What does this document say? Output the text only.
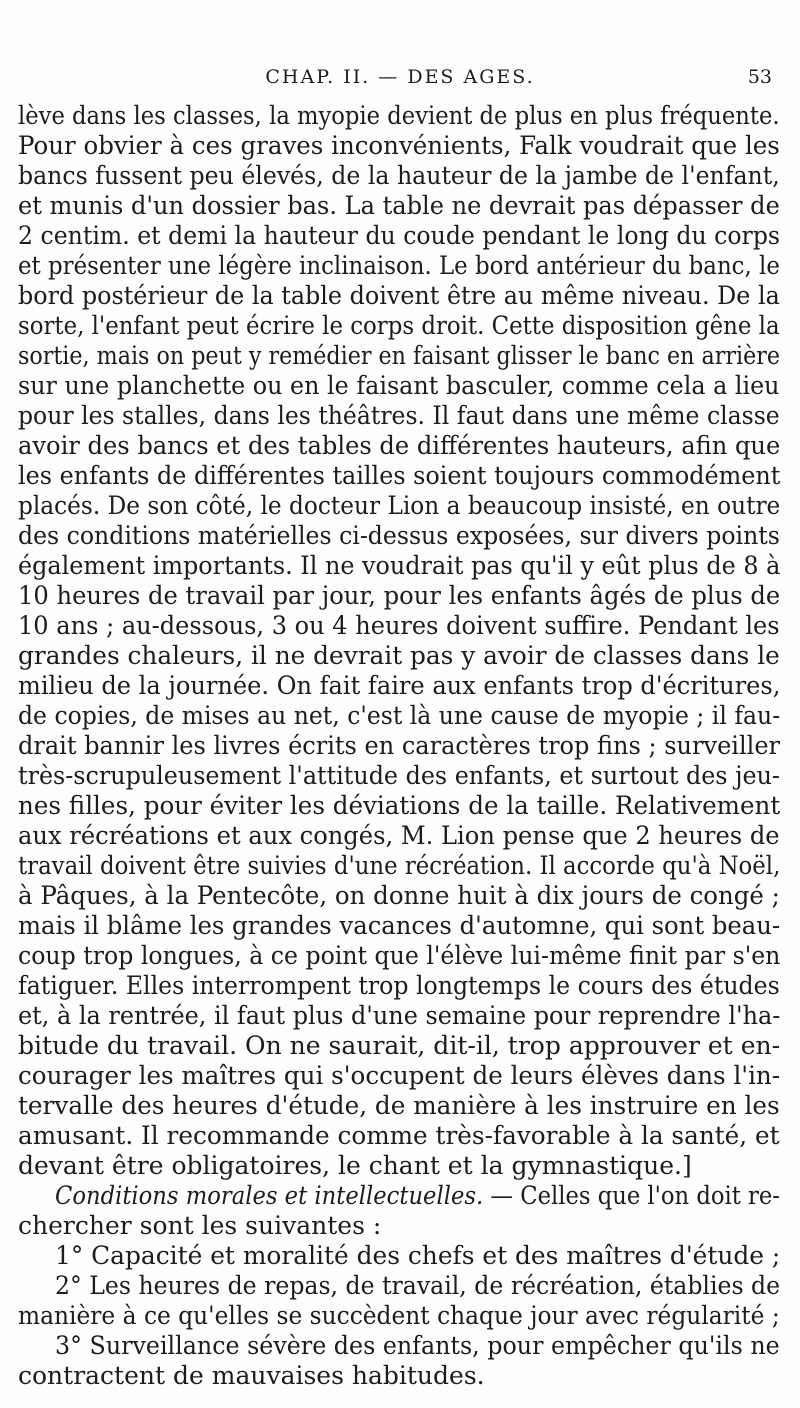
CHAP. II. — DES AGES.	53
lève dans les classes, la myopie devient de plus en plus fréquente.
Pour obvier à ces graves inconvénients, Falk voudrait que les
bancs fussent peu élevés, de la hauteur de la jambe de l'enfant,
et munis d'un dossier bas. La table ne devrait pas dépasser de
2 centim. et demi la hauteur du coude pendant le long du corps
et présenter une légère inclinaison. Le bord antérieur du banc, le
bord postérieur de la table doivent être au même niveau. De la
sorte, l'enfant peut écrire le corps droit. Cette disposition gêne la
sortie, mais on peut y remédier en faisant glisser le banc en arrière
sur une planchette ou en le faisant basculer, comme cela a lieu
pour les stalles, dans les théâtres. Il faut dans une même classe
avoir des bancs et des tables de différentes hauteurs, afin que
les enfants de différentes tailles soient toujours commodément
placés. De son côté, le docteur Lion a beaucoup insisté, en outre
des conditions matérielles ci-dessus exposées, sur divers points
également importants. Il ne voudrait pas qu'il y eût plus de 8 à
10 heures de travail par jour, pour les enfants âgés de plus de
10 ans ; au-dessous, 3 ou 4 heures doivent suffire. Pendant les
grandes chaleurs, il ne devrait pas y avoir de classes dans le
milieu de la journée. On fait faire aux enfants trop d'écritures,
de copies, de mises au net, c'est là une cause de myopie ; il fau-
drait bannir les livres écrits en caractères trop fins ; surveiller
très-scrupuleusement l'attitude des enfants, et surtout des jeu-
nes filles, pour éviter les déviations de la taille. Relativement
aux récréations et aux congés, M. Lion pense que 2 heures de
travail doivent être suivies d'une récréation. Il accorde qu'à Noël,
à Pâques, à la Pentecôte, on donne huit à dix jours de congé ;
mais il blâme les grandes vacances d'automne, qui sont beau-
coup trop longues, à ce point que l'élève lui-même finit par s'en
fatiguer. Elles interrompent trop longtemps le cours des études
et, à la rentrée, il faut plus d'une semaine pour reprendre l'ha-
bitude du travail. On ne saurait, dit-il, trop approuver et en-
courager les maîtres qui s'occupent de leurs élèves dans l'in-
tervalle des heures d'étude, de manière à les instruire en les
amusant. Il recommande comme très-favorable à la santé, et
devant être obligatoires, le chant et la gymnastique.]
Conditions morales et intellectuelles. — Celles que l'on doit re-
chercher sont les suivantes :
1° Capacité et moralité des chefs et des maîtres d'étude ;
2° Les heures de repas, de travail, de récréation, établies de
manière à ce qu'elles se succèdent chaque jour avec régularité ;
3° Surveillance sévère des enfants, pour empêcher qu'ils ne
contractent de mauvaises habitudes.
